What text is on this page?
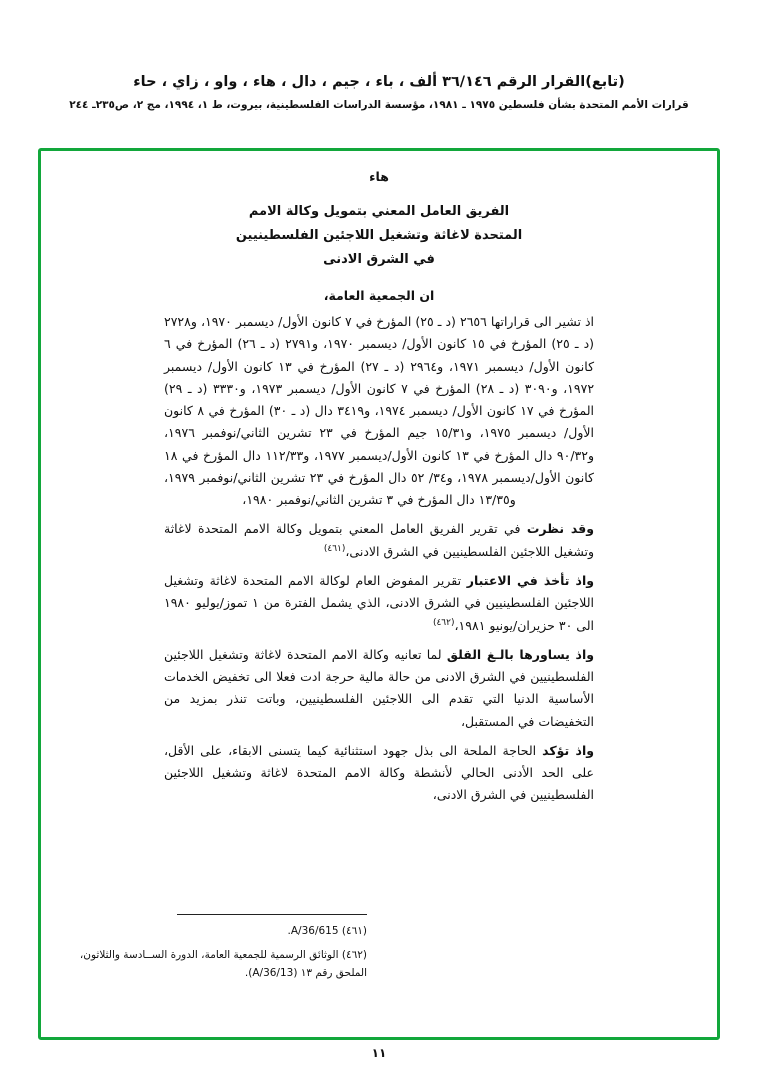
(تابع)القرار الرقم ٣٦/١٤٦ ألف ، باء ، جيم ، دال ، هاء ، واو ، زاي ، حاء
قرارات الأمم المتحدة بشأن فلسطين ١٩٧٥ ـ ١٩٨١، مؤسسة الدراسات الفلسطينية، بيروت، ط ١، ١٩٩٤، مج ٢، ص٢٣٥ـ ٢٤٤
هاء
الفريق العامل المعني بتمويل وكالة الامم
المتحدة لاغاثة وتشغيل اللاجئين الفلسطينيين
في الشرق الادنى
ان الجمعية العامة،
اذ تشير الى قراراتها ٢٦٥٦ (د ـ ٢٥) المؤرخ في ٧ كانون الأول/ ديسمبر ١٩٧٠، و٢٧٢٨ (د ـ ٢٥) المؤرخ في ١٥ كانون الأول/ ديسمبر ١٩٧٠، و٢٧٩١ (د ـ ٢٦) المؤرخ في ٦ كانون الأول/ ديسمبر ١٩٧١، و٢٩٦٤ (د ـ ٢٧) المؤرخ في ١٣ كانون الأول/ ديسمبر ١٩٧٢، و٣٠٩٠ (د ـ ٢٨) المؤرخ في ٧ كانون الأول/ ديسمبر ١٩٧٣، و٣٣٣٠ (د ـ ٢٩) المؤرخ في ١٧ كانون الأول/ ديسمبر ١٩٧٤، و٣٤١٩ دال (د ـ ٣٠) المؤرخ في ٨ كانون الأول/ ديسمبر ١٩٧٥، و١٥/٣١ جيم المؤرخ في ٢٣ تشرين الثاني/نوفمبر ١٩٧٦، و٩٠/٣٢ دال المؤرخ في ١٣ كانون الأول/ديسمبر ١٩٧٧، و١١٢/٣٣ دال المؤرخ في ١٨ كانون الأول/ديسمبر ١٩٧٨، و٣٤/ ٥٢ دال المؤرخ في ٢٣ تشرين الثاني/نوفمبر ١٩٧٩، و١٣/٣٥ دال المؤرخ في ٣ تشرين الثاني/نوفمبر ١٩٨٠،
وقد نظرت في تقرير الفريق العامل المعني بتمويل وكالة الامم المتحدة لاغاثة وتشغيل اللاجئين الفلسطينيين في الشرق الادنى،$^{(٤٦١)}$
واذ تأخذ في الاعتبار تقرير المفوض العام لوكالة الامم المتحدة لاغاثة وتشغيل اللاجئين الفلسطينيين في الشرق الادنى، الذي يشمل الفترة من ١ تموز/يوليو ١٩٨٠ الى ٣٠ حزيران/يونيو ١٩٨١،$^{(٤٦٢)}$
واذ يساورها بالـغ القلق لما تعانيه وكالة الامم المتحدة لاغاثة وتشغيل اللاجئين الفلسطينيين في الشرق الادنى من حالة مالية حرجة ادت فعلا الى تخفيض الخدمات الأساسية الدنيا التي تقدم الى اللاجئين الفلسطينيين، وباتت تنذر بمزيد من التخفيضات في المستقبل،
واذ تؤكد الحاجة الملحة الى بذل جهود استثنائية كيما يتسنى الابقاء، على الأقل، على الحد الأدنى الحالي لأنشطة وكالة الامم المتحدة لاغاثة وتشغيل اللاجئين الفلسطينيين في الشرق الادنى،
(٤٦١) A/36/615.
(٤٦٢) الوثائق الرسمية للجمعية العامة، الدورة الســادسة والثلاثون، الملحق رقم ١٣ (A/36/13).
١١
